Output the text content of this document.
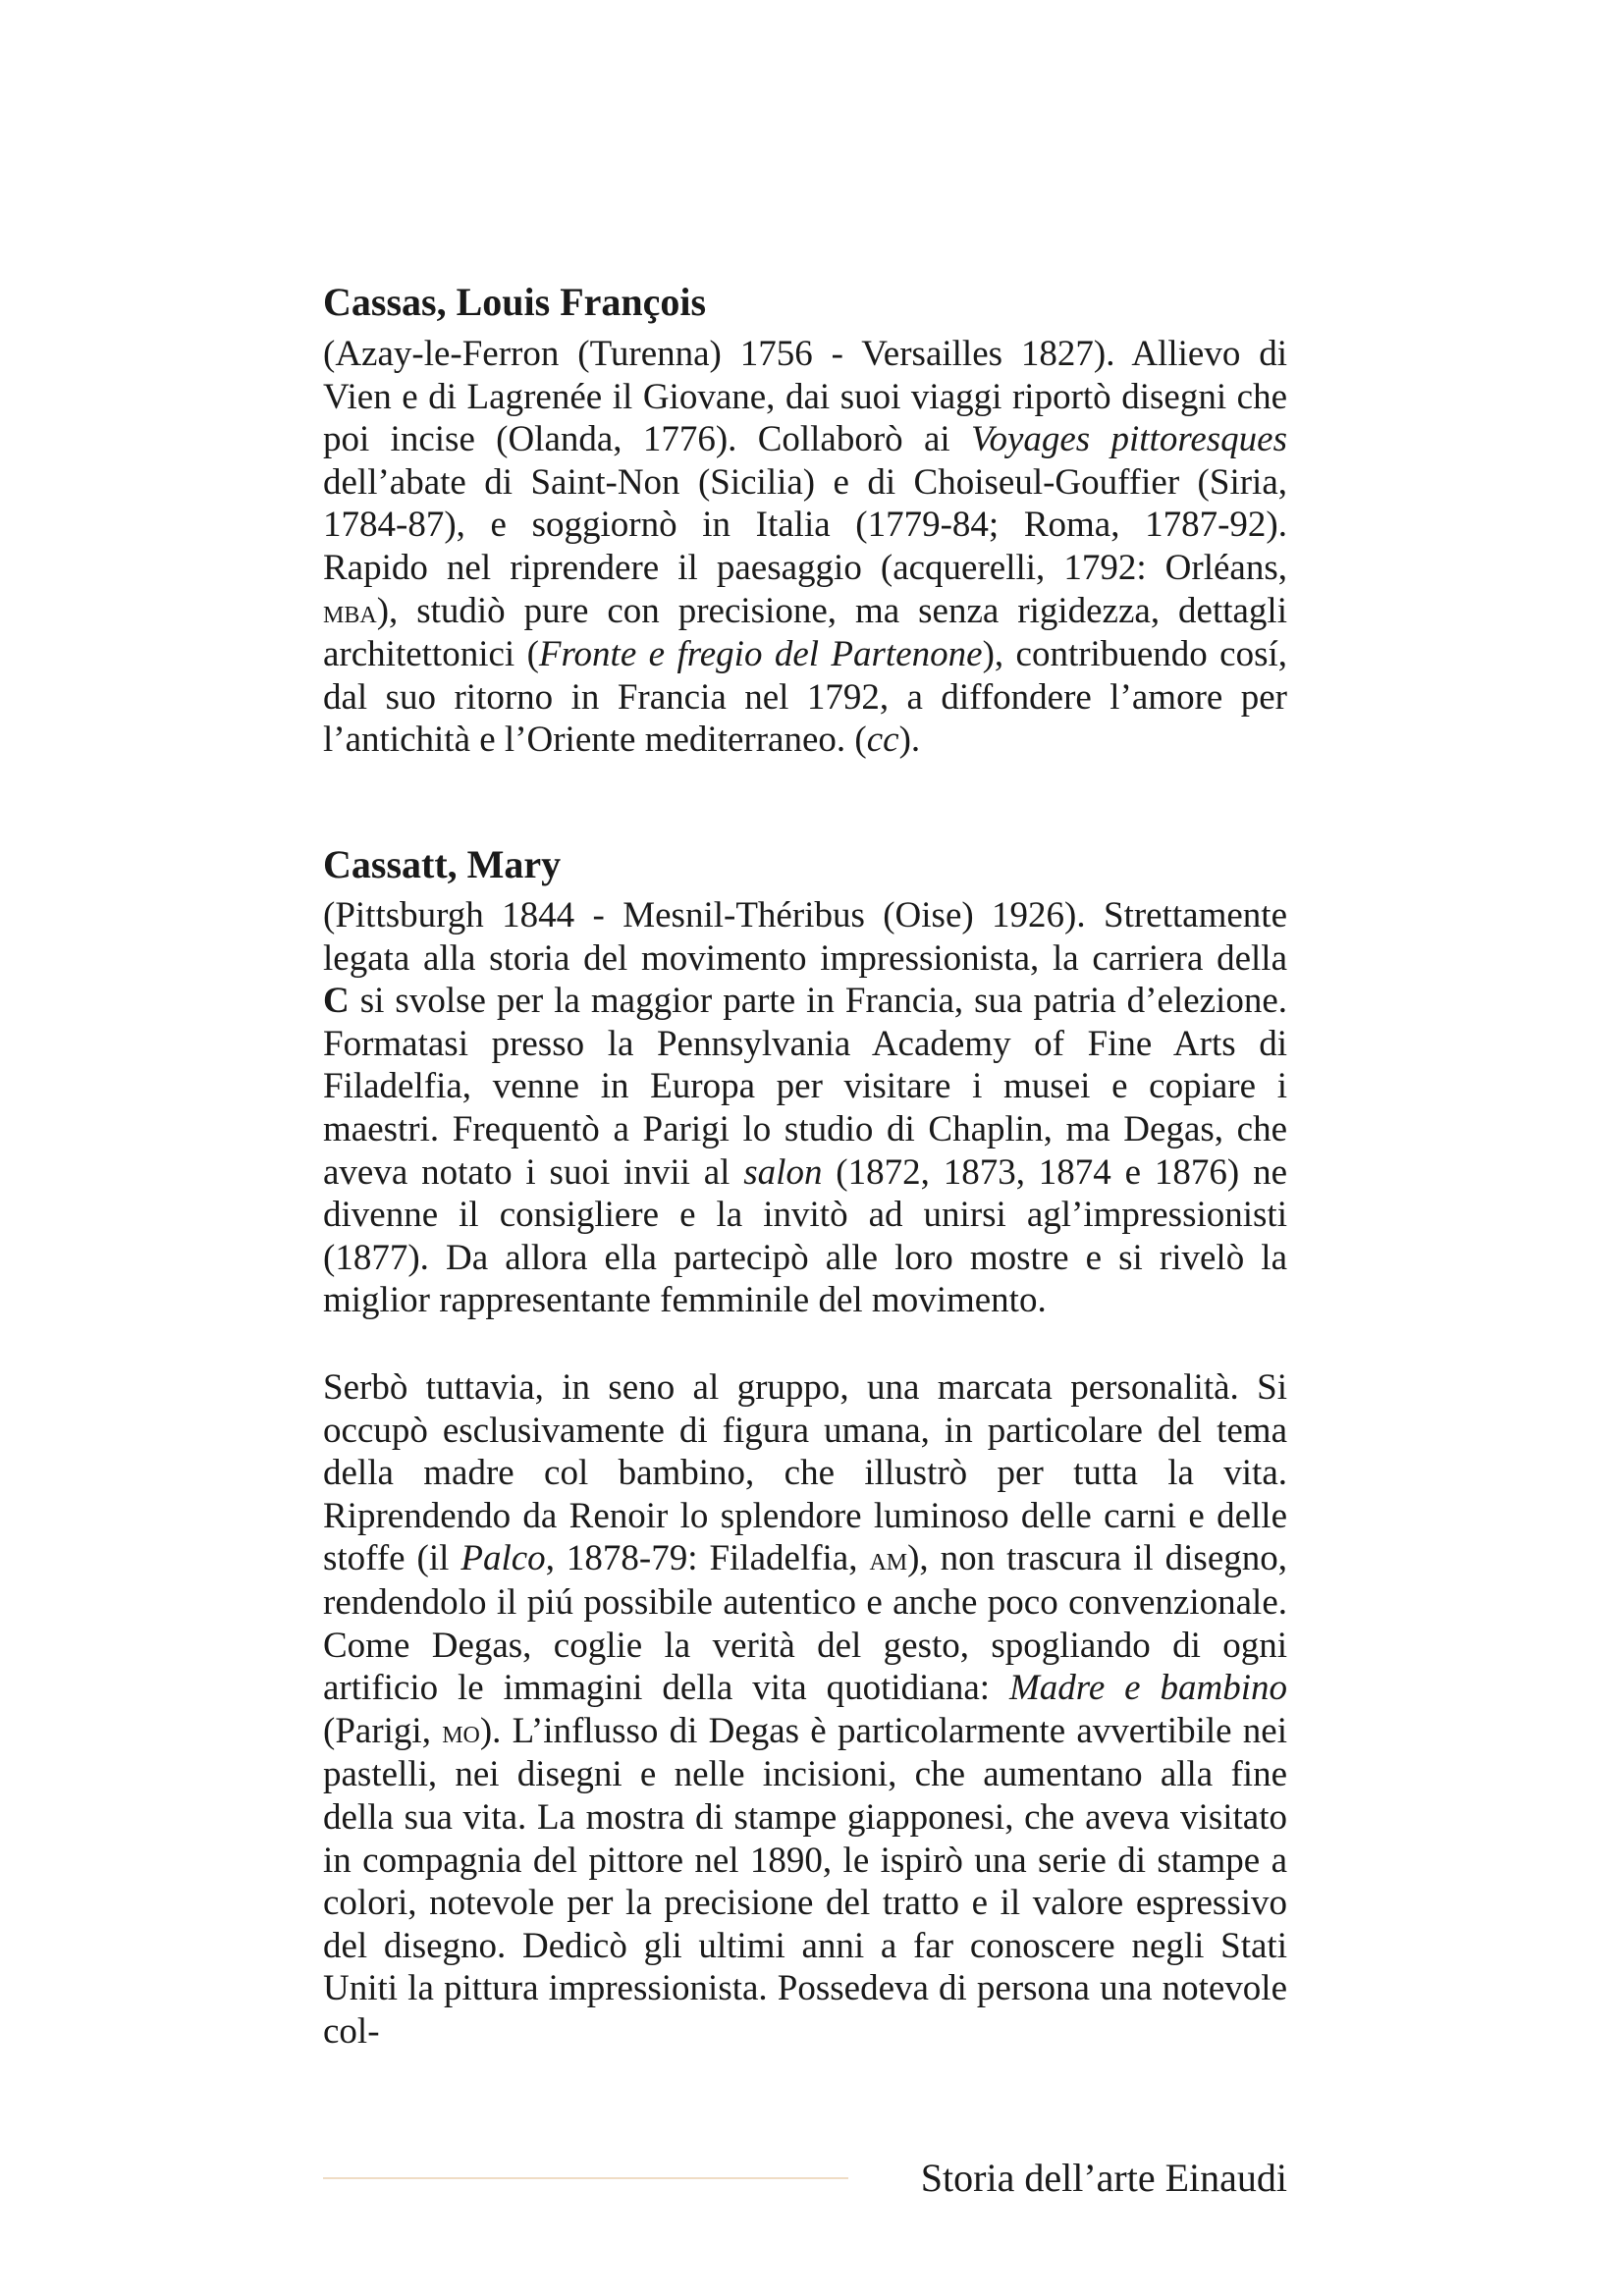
Cassas, Louis François

(Azay-le-Ferron (Turenna) 1756 - Versailles 1827). Allievo di Vien e di Lagrenée il Giovane, dai suoi viaggi riportò disegni che poi incise (Olanda, 1776). Collaborò ai Voyages pittoresques dell’abate di Saint-Non (Sicilia) e di Choiseul-Gouffier (Siria, 1784-87), e soggiornò in Italia (1779-84; Roma, 1787-92). Rapido nel riprendere il paesaggio (acquerelli, 1792: Orléans, mba), studiò pure con precisione, ma senza rigidezza, dettagli architettonici (Fronte e fregio del Partenone), contribuendo cosí, dal suo ritorno in Francia nel 1792, a diffondere l’amore per l’antichità e l’Oriente mediterraneo. (cc).

Cassatt, Mary

(Pittsburgh 1844 - Mesnil-Théribus (Oise) 1926). Strettamente legata alla storia del movimento impressionista, la carriera della C si svolse per la maggior parte in Francia, sua patria d’elezione. Formatasi presso la Pennsylvania Academy of Fine Arts di Filadelfia, venne in Europa per visitare i musei e copiare i maestri. Frequentò a Parigi lo studio di Chaplin, ma Degas, che aveva notato i suoi invii al salon (1872, 1873, 1874 e 1876) ne divenne il consigliere e la invitò ad unirsi agl’impressionisti (1877). Da allora ella partecipò alle loro mostre e si rivelò la miglior rappresentante femminile del movimento.

Serbò tuttavia, in seno al gruppo, una marcata personalità. Si occupò esclusivamente di figura umana, in particolare del tema della madre col bambino, che illustrò per tutta la vita. Riprendendo da Renoir lo splendore luminoso delle carni e delle stoffe (il Palco, 1878-79: Filadelfia, am), non trascura il disegno, rendendolo il piú possibile autentico e anche poco convenzionale. Come Degas, coglie la verità del gesto, spogliando di ogni artificio le immagini della vita quotidiana: Madre e bambino (Parigi, mo). L’influsso di Degas è particolarmente avvertibile nei pastelli, nei disegni e nelle incisioni, che aumentano alla fine della sua vita. La mostra di stampe giapponesi, che aveva visitato in compagnia del pittore nel 1890, le ispirò una serie di stampe a colori, notevole per la precisione del tratto e il valore espressivo del disegno. Dedicò gli ultimi anni a far conoscere negli Stati Uniti la pittura impressionista. Possedeva di persona una notevole col-

Storia dell’arte Einaudi
